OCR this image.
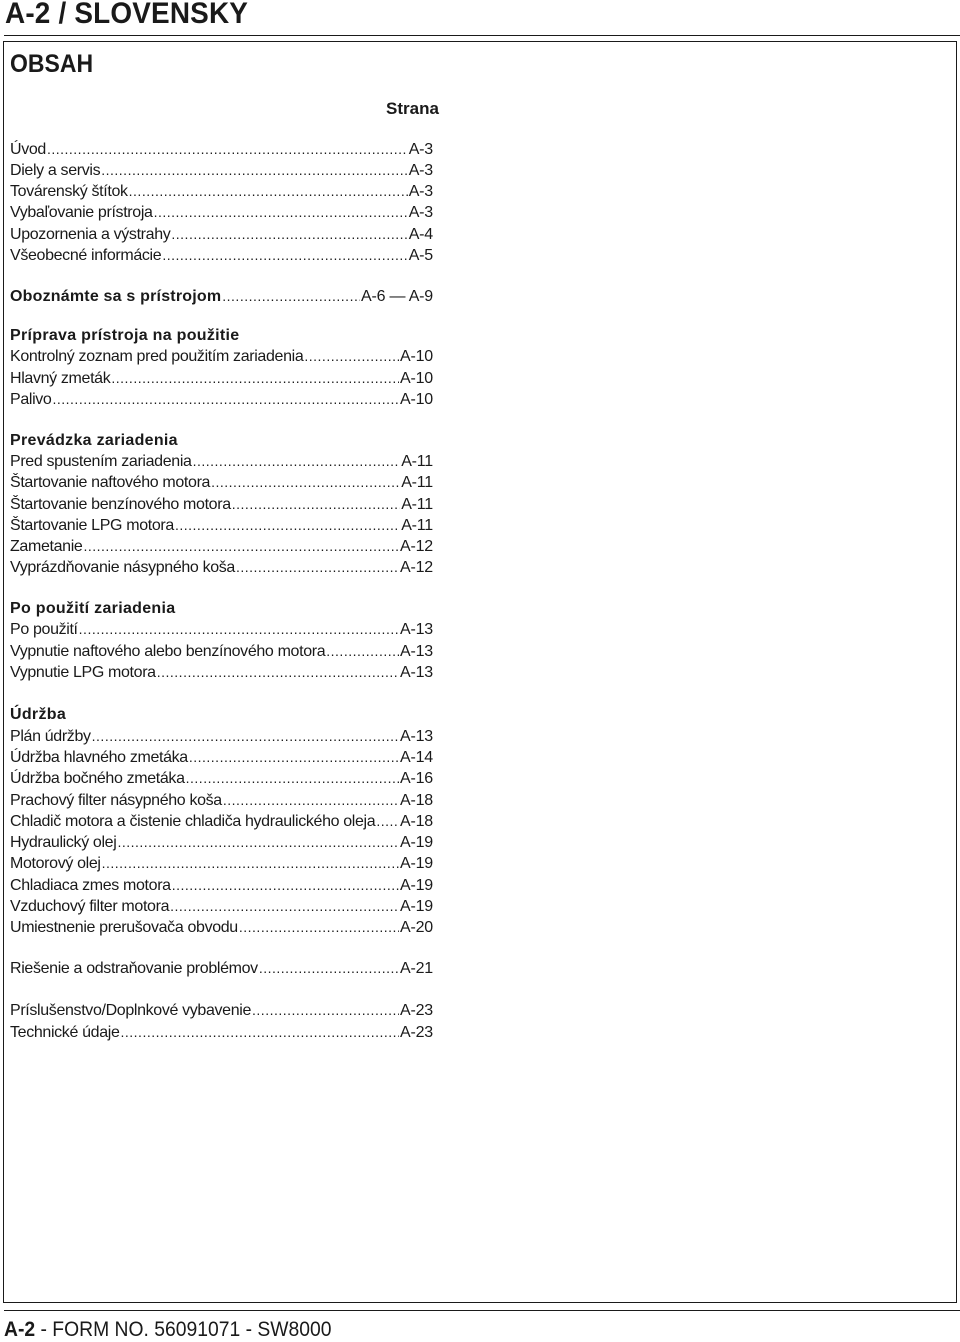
A-2 / SLOVENSKY
OBSAH
Strana
Úvod .....	A-3
Diely a servis .....	A-3
Továrenský štítok .....	A-3
Vybaľovanie prístroja .....	A-3
Upozornenia a výstrahy .....	A-4
Všeobecné informácie .....	A-5
Oboznámte sa s prístrojom .....	A-6 — A-9
Príprava prístroja na použitie
Kontrolný zoznam pred použitím zariadenia .....	A-10
Hlavný zmeták .....	A-10
Palivo .....	A-10
Prevádzka zariadenia
Pred spustením zariadenia .....	A-11
Štartovanie naftového motora .....	A-11
Štartovanie benzínového motora .....	A-11
Štartovanie LPG motora .....	A-11
Zametanie .....	A-12
Vyprázdňovanie násypného koša .....	A-12
Po použití zariadenia
Po použití .....	A-13
Vypnutie naftového alebo benzínového motora .....	A-13
Vypnutie LPG motora .....	A-13
Údržba
Plán údržby .....	A-13
Údržba hlavného zmetáka .....	A-14
Údržba bočného zmetáka .....	A-16
Prachový filter násypného koša .....	A-18
Chladič motora a čistenie chladiča hydraulického oleja ..... A-18
Hydraulický olej .....	A-19
Motorový olej .....	A-19
Chladiaca zmes motora .....	A-19
Vzduchový filter motora .....	A-19
Umiestnenie prerušovača obvodu .....	A-20
Riešenie a odstraňovanie problémov .....	A-21
Príslušenstvo/Doplnkové vybavenie .....	A-23
Technické údaje .....	A-23
A-2 - FORM NO. 56091071 - SW8000
